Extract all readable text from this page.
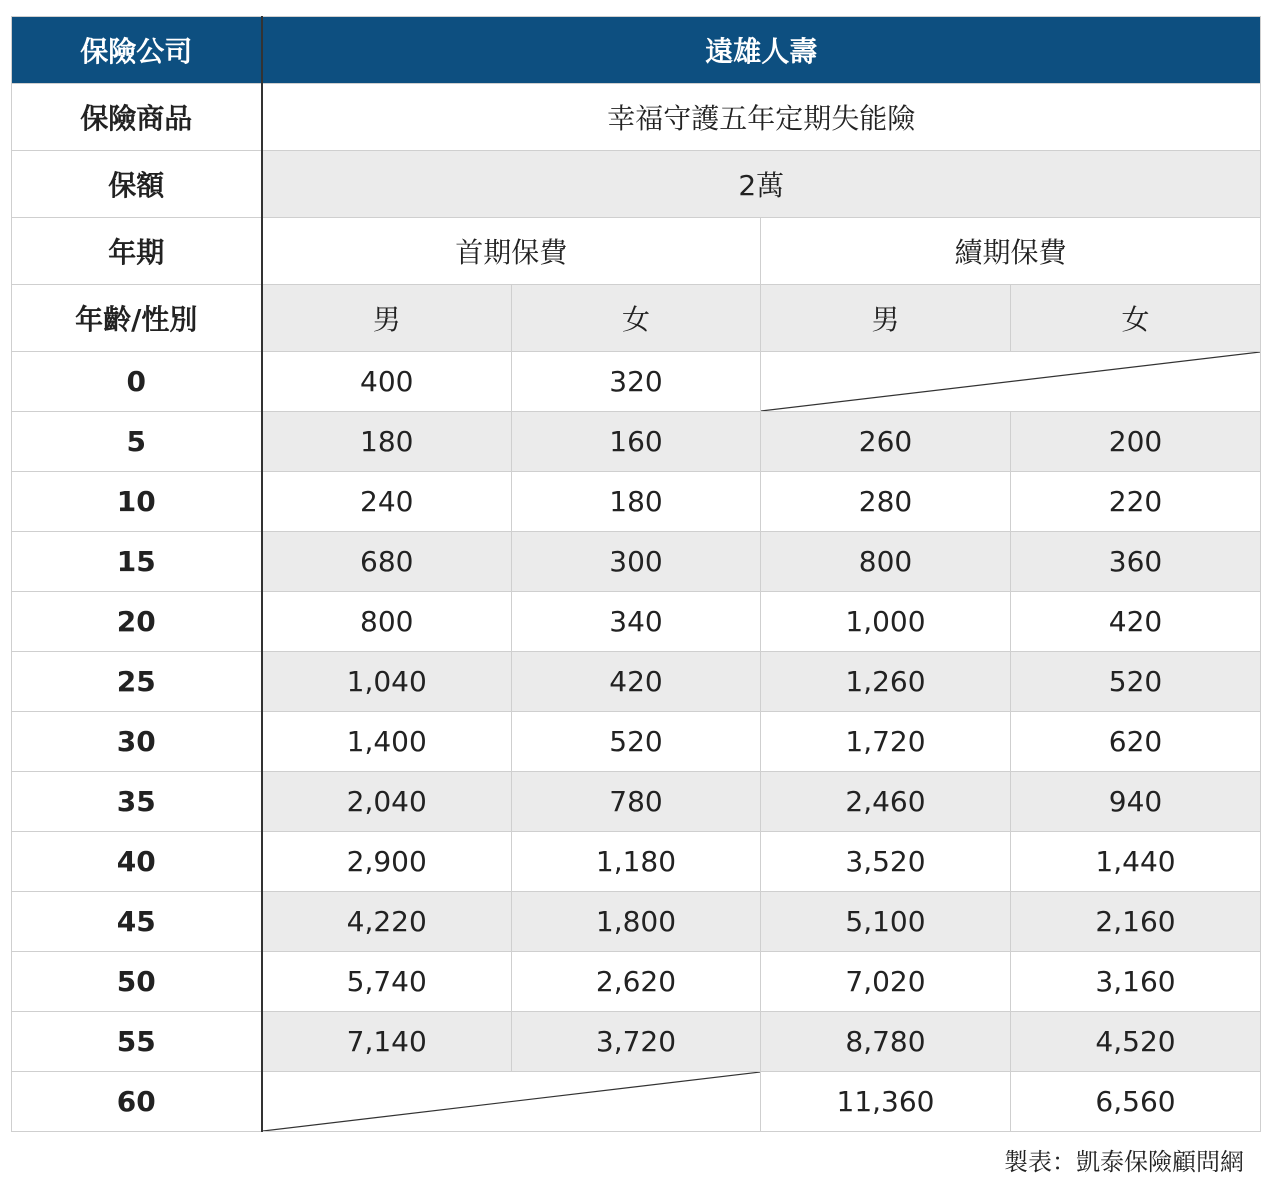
保險公司	遠雄人壽			
保險商品	幸福守護五年定期失能險			
保額	2萬			
年期	首期保費		續期保費	
年齡/性別	男	女	男	女
0	400	320	

5	180	160	260	200
10	240	180	280	220
15	680	300	800	360
20	800	340	1,000	420
25	1,040	420	1,260	520
30	1,400	520	1,720	620
35	2,040	780	2,460	940
40	2,900	1,180	3,520	1,440
45	4,220	1,800	5,100	2,160
50	5,740	2,620	7,020	3,160
55	7,140	3,720	8,780	4,520
60			11,360	6,560
製表：凱泰保險顧問網
